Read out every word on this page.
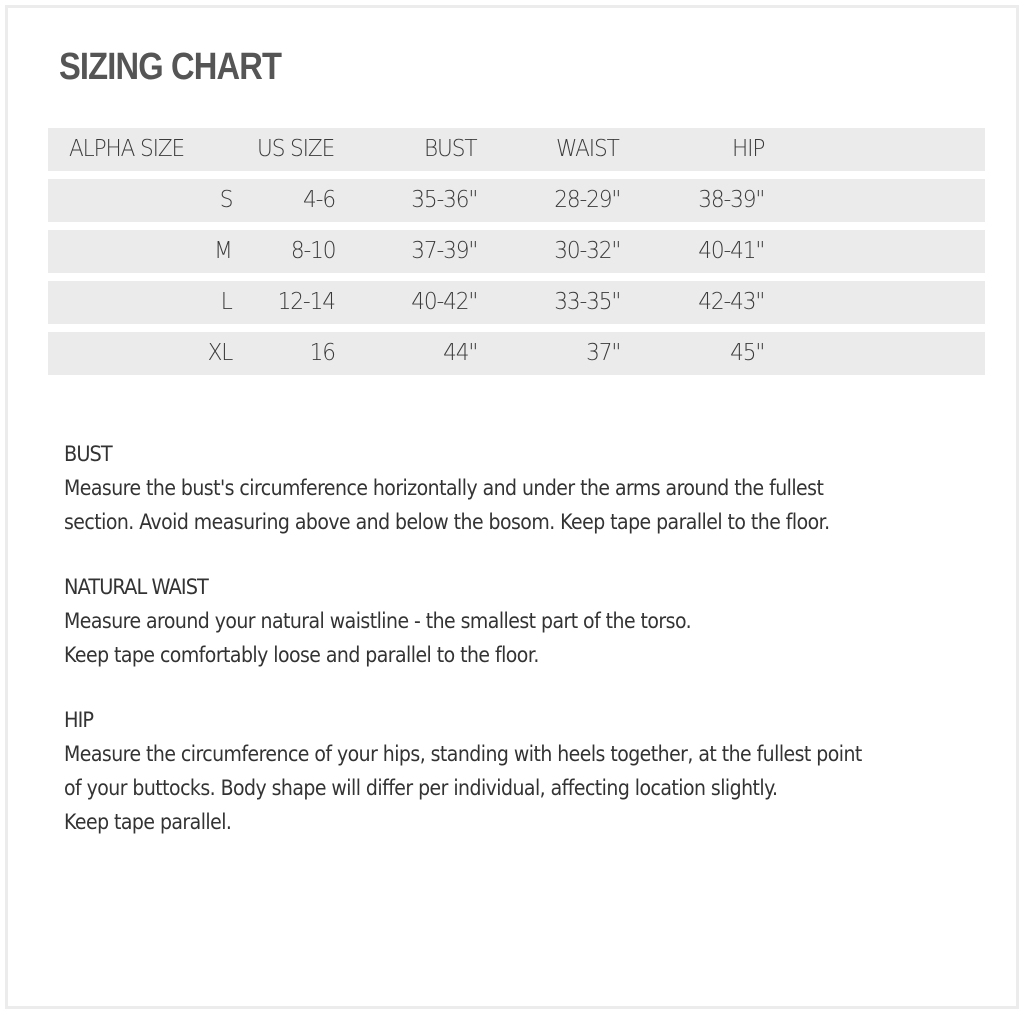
SIZING CHART
ALPHA SIZE	US SIZE	BUST	WAIST	HIP
S	4-6	35-36"	28-29"	38-39"
M	8-10	37-39"	30-32"	40-41"
L 12-14	40-42"	33-35"	42-43"
XL	16	44"	37"	45"
BUST
Measure the bust's circumference horizontally and under the arms around the fullest
section. Avoid measuring above and below the bosom. Keep tape parallel to the floor.
NATURAL WAIST
Measure around your natural waistline - the smallest part of the torso.
Keep tape comfortably loose and parallel to the floor.
HIP
Measure the circumference of your hips, standing with heels together, at the fullest point
of your buttocks. Body shape will differ per individual, affecting location slightly.
Keep tape parallel.
